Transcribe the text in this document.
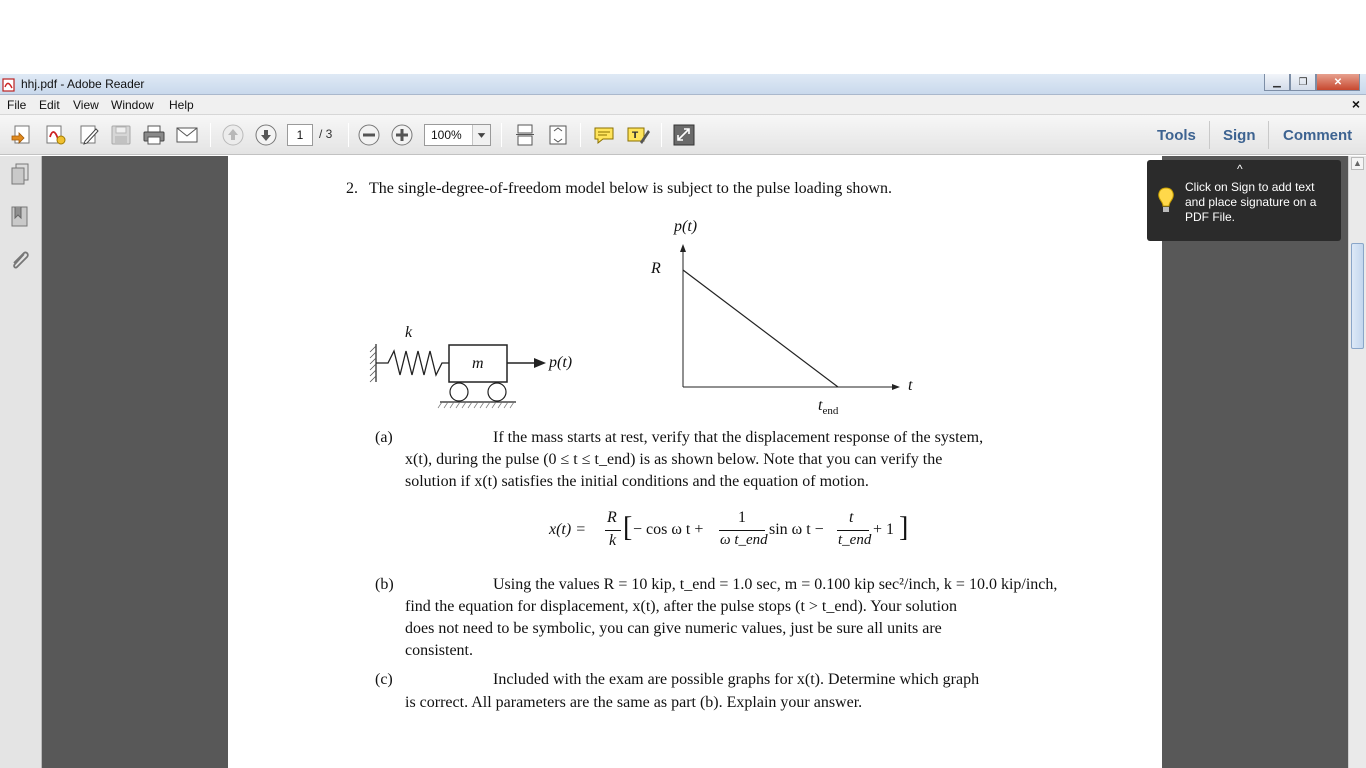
hhj.pdf - Adobe Reader	▁	❐	✕
File Edit View Window Help	×
1	/ 3	100%	T	Tools Sign Comment
2. The single-degree-of-freedom model below is subject to the pulse loading shown.
k
m	p(t)
p(t)
R
t
$t_{end}$
(a)	If the mass starts at rest, verify that the displacement response of the system,
x(t), during the pulse (0 ≤ t ≤ t_end) is as shown below. Note that you can verify the
solution if x(t) satisfies the initial conditions and the equation of motion.
x(t) =
R
k [ − cos ω t +
1
ω t_end
sin ω t −
t
t_end
+ 1 ]
(b)	Using the values R = 10 kip, t_end = 1.0 sec, m = 0.100 kip sec²/inch, k = 10.0 kip/inch,
find the equation for displacement, x(t), after the pulse stops (t > t_end). Your solution
does not need to be symbolic, you can give numeric values, just be sure all units are
consistent.
(c)	Included with the exam are possible graphs for x(t). Determine which graph
is correct. All parameters are the same as part (b). Explain your answer.
▲
^
Click on Sign to add text and place signature on a PDF File.
